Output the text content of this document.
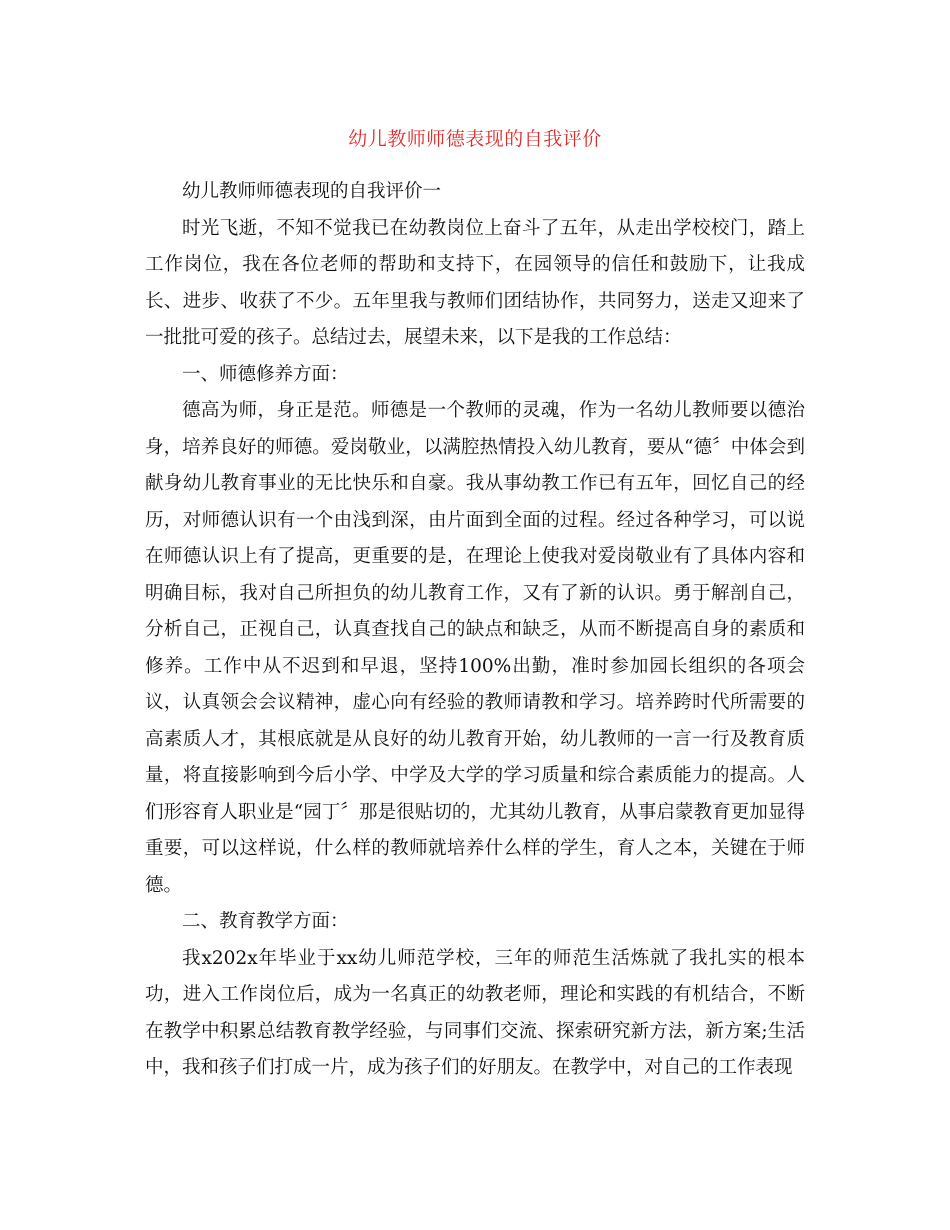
幼儿教师师德表现的自我评价

幼儿教师师德表现的自我评价一

时光飞逝，不知不觉我已在幼教岗位上奋斗了五年，从走出学校校门，踏上工作岗位，我在各位老师的帮助和支持下，在园领导的信任和鼓励下，让我成长、进步、收获了不少。五年里我与教师们团结协作，共同努力，送走又迎来了一批批可爱的孩子。总结过去，展望未来，以下是我的工作总结：

一、师德修养方面：

德高为师，身正是范。师德是一个教师的灵魂，作为一名幼儿教师要以德治身，培养良好的师德。爱岗敬业，以满腔热情投入幼儿教育，要从“德〞中体会到献身幼儿教育事业的无比快乐和自豪。我从事幼教工作已有五年，回忆自己的经历，对师德认识有一个由浅到深，由片面到全面的过程。经过各种学习，可以说在师德认识上有了提高，更重要的是，在理论上使我对爱岗敬业有了具体内容和明确目标，我对自己所担负的幼儿教育工作，又有了新的认识。勇于解剖自己，分析自己，正视自己，认真查找自己的缺点和缺乏，从而不断提高自身的素质和修养。工作中从不迟到和早退，坚持100%出勤，准时参加园长组织的各项会议，认真领会会议精神，虚心向有经验的教师请教和学习。培养跨时代所需要的高素质人才，其根底就是从良好的幼儿教育开始，幼儿教师的一言一行及教育质量，将直接影响到今后小学、中学及大学的学习质量和综合素质能力的提高。人们形容育人职业是“园丁〞那是很贴切的，尤其幼儿教育，从事启蒙教育更加显得重要，可以这样说，什么样的教师就培养什么样的学生，育人之本，关键在于师德。

二、教育教学方面：

我x202x年毕业于xx幼儿师范学校，三年的师范生活炼就了我扎实的根本功，进入工作岗位后，成为一名真正的幼教老师，理论和实践的有机结合，不断在教学中积累总结教育教学经验，与同事们交流、探索研究新方法，新方案;生活中，我和孩子们打成一片，成为孩子们的好朋友。在教学中，对自己的工作表现
